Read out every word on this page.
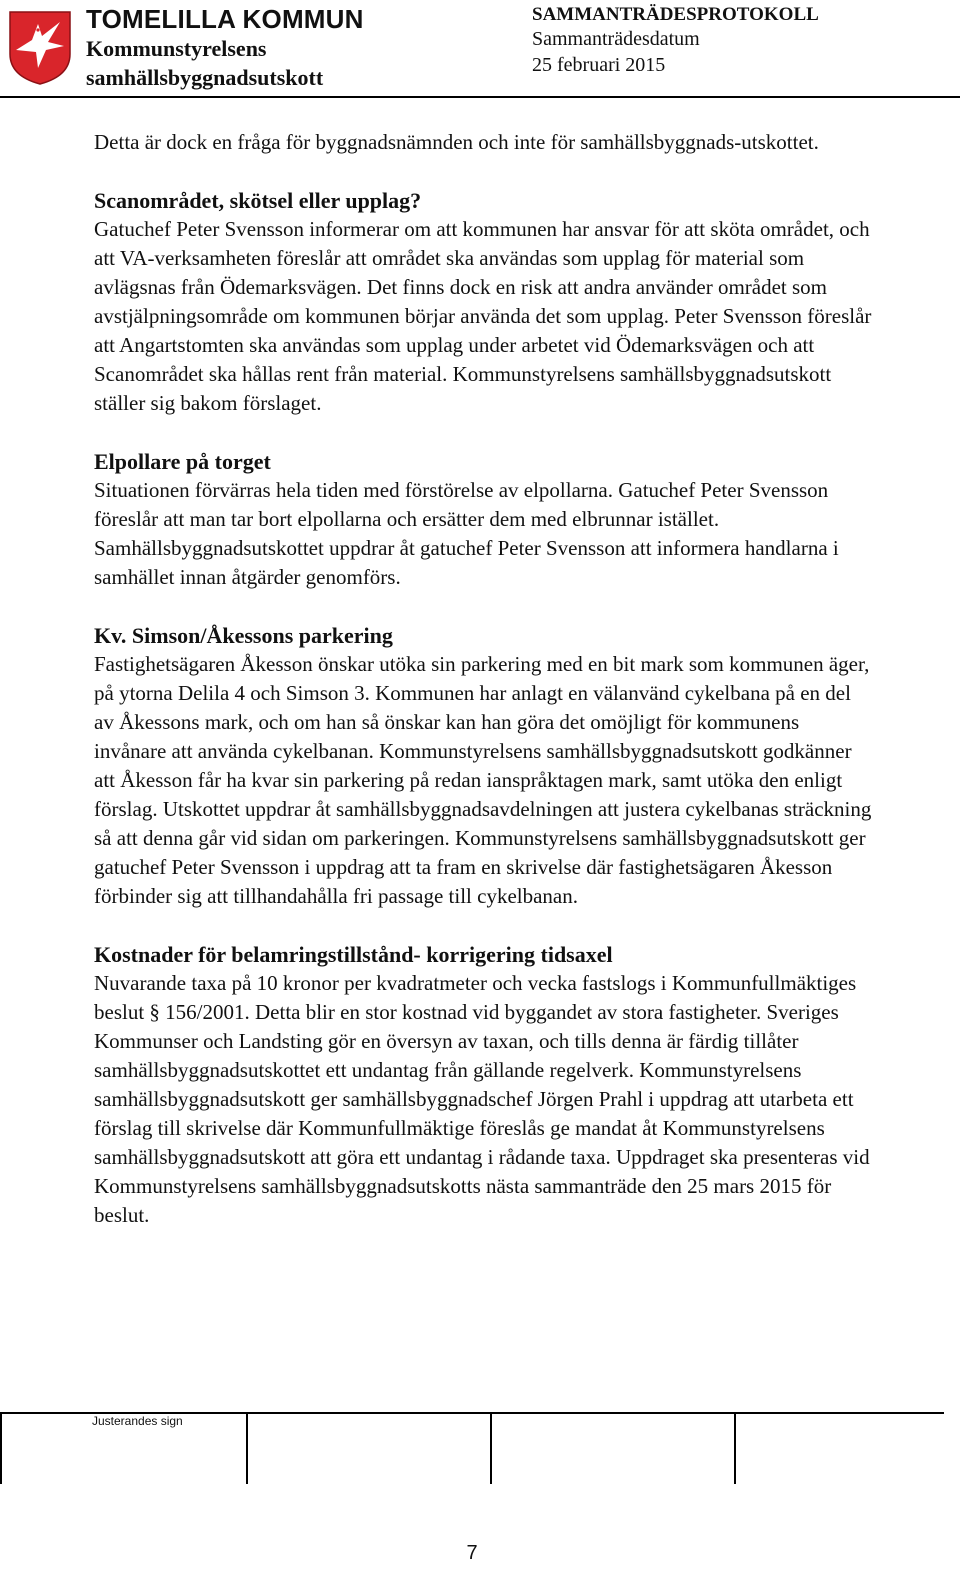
TOMELILLA KOMMUN
Kommunstyrelsens
samhällsbyggnadsutskott
SAMMANTRÄDESPROTOKOLL
Sammanträdesdatum
25 februari 2015

Detta är dock en fråga för byggnadsnämnden och inte för samhällsbyggnads-utskottet.

Scanområdet, skötsel eller upplag?

Gatuchef Peter Svensson informerar om att kommunen har ansvar för att sköta området, och att VA-verksamheten föreslår att området ska användas som upplag för material som avlägsnas från Ödemarksvägen. Det finns dock en risk att andra använder området som avstjälpningsområde om kommunen börjar använda det som upplag. Peter Svensson föreslår att Angartstomten ska användas som upplag under arbetet vid Ödemarksvägen och att Scanområdet ska hållas rent från material. Kommunstyrelsens samhällsbyggnadsutskott ställer sig bakom förslaget.

Elpollare på torget

Situationen förvärras hela tiden med förstörelse av elpollarna. Gatuchef Peter Svensson föreslår att man tar bort elpollarna och ersätter dem med elbrunnar istället. Samhällsbyggnadsutskottet uppdrar åt gatuchef Peter Svensson att informera handlarna i samhället innan åtgärder genomförs.

Kv. Simson/Åkessons parkering

Fastighetsägaren Åkesson önskar utöka sin parkering med en bit mark som kommunen äger, på ytorna Delila 4 och Simson 3. Kommunen har anlagt en välanvänd cykelbana på en del av Åkessons mark, och om han så önskar kan han göra det omöjligt för kommunens invånare att använda cykelbanan. Kommunstyrelsens samhällsbyggnadsutskott godkänner att Åkesson får ha kvar sin parkering på redan ianspråktagen mark, samt utöka den enligt förslag. Utskottet uppdrar åt samhällsbyggnadsavdelningen att justera cykelbanas sträckning så att denna går vid sidan om parkeringen. Kommunstyrelsens samhällsbyggnadsutskott ger gatuchef Peter Svensson i uppdrag att ta fram en skrivelse där fastighetsägaren Åkesson förbinder sig att tillhandahålla fri passage till cykelbanan.

Kostnader för belamringstillstånd- korrigering tidsaxel

Nuvarande taxa på 10 kronor per kvadratmeter och vecka fastslogs i Kommunfullmäktiges beslut § 156/2001. Detta blir en stor kostnad vid byggandet av stora fastigheter. Sveriges Kommunser och Landsting gör en översyn av taxan, och tills denna är färdig tillåter samhällsbyggnadsutskottet ett undantag från gällande regelverk. Kommunstyrelsens samhällsbyggnadsutskott ger samhällsbyggnadschef Jörgen Prahl i uppdrag att utarbeta ett förslag till skrivelse där Kommunfullmäktige föreslås ge mandat åt Kommunstyrelsens samhällsbyggnadsutskott att göra ett undantag i rådande taxa. Uppdraget ska presenteras vid Kommunstyrelsens samhällsbyggnadsutskotts nästa sammanträde den 25 mars 2015 för beslut.

Justerandes sign
7
